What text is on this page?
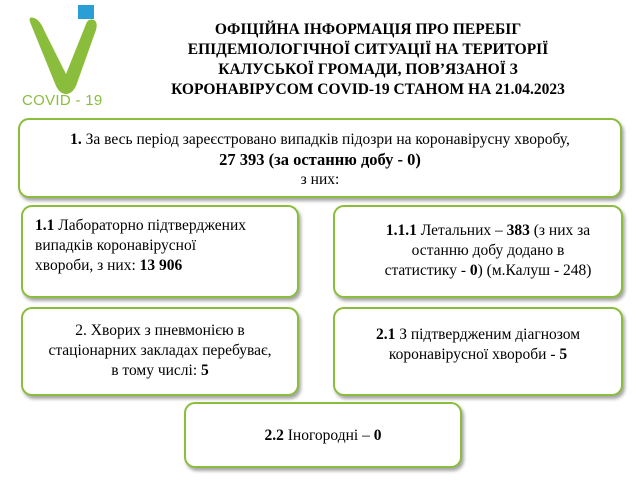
COVID - 19
ОФІЦІЙНА ІНФОРМАЦІЯ ПРО ПЕРЕБІГ
ЕПІДЕМІОЛОГІЧНОЇ СИТУАЦІЇ НА ТЕРИТОРІЇ
КАЛУСЬКОЇ ГРОМАДИ, ПОВ’ЯЗАНОЇ З
КОРОНАВІРУСОМ COVID-19 СТАНОМ НА 21.04.2023
1. За весь період зареєстровано випадків підозри на коронавірусну хворобу,
27 393 (за останню добу - 0)
з них:
1.1 Лабораторно підтверджених
випадків коронавірусної
хвороби, з них: 13 906
1.1.1 Летальних – 383 (з них за
останню добу додано в
статистику - 0) (м.Калуш - 248)
2. Хворих з пневмонією в
стаціонарних закладах перебуває,
в тому числі: 5
2.1 З підтвердженим діагнозом
коронавірусної хвороби - 5
2.2 Іногородні – 0
